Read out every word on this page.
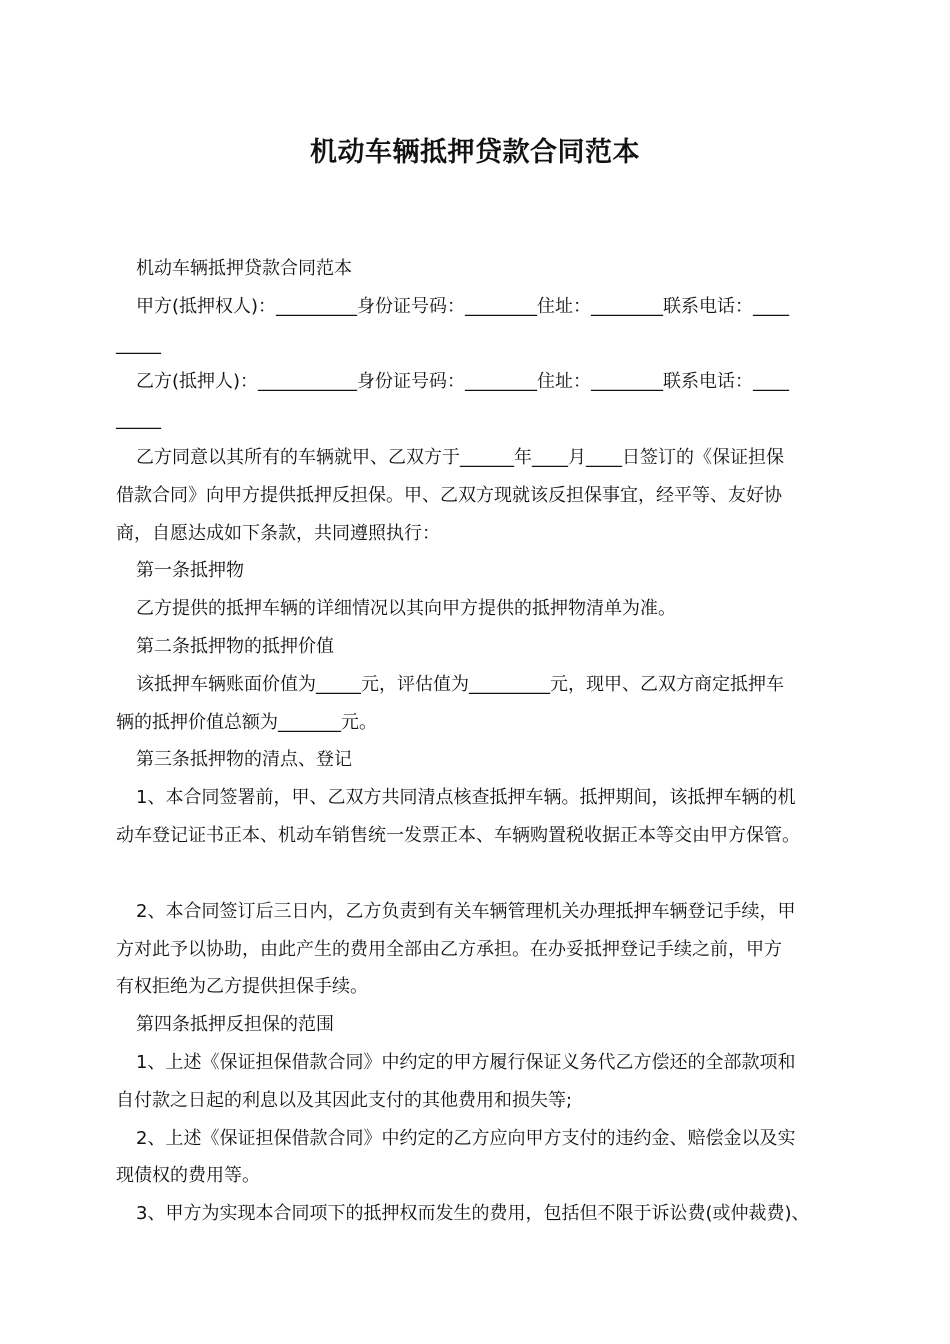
机动车辆抵押贷款合同范本
机动车辆抵押贷款合同范本
甲方(抵押权人)：_________身份证号码：________住址：________联系电话：____
_____
乙方(抵押人)：___________身份证号码：________住址：________联系电话：____
_____
乙方同意以其所有的车辆就甲、乙双方于______年____月____日签订的《保证担保
借款合同》向甲方提供抵押反担保。甲、乙双方现就该反担保事宜，经平等、友好协
商，自愿达成如下条款，共同遵照执行：
第一条抵押物
乙方提供的抵押车辆的详细情况以其向甲方提供的抵押物清单为准。
第二条抵押物的抵押价值
该抵押车辆账面价值为_____元，评估值为_________元，现甲、乙双方商定抵押车
辆的抵押价值总额为_______元。
第三条抵押物的清点、登记
1、本合同签署前，甲、乙双方共同清点核查抵押车辆。抵押期间，该抵押车辆的机
动车登记证书正本、机动车销售统一发票正本、车辆购置税收据正本等交由甲方保管。
2、本合同签订后三日内，乙方负责到有关车辆管理机关办理抵押车辆登记手续，甲
方对此予以协助，由此产生的费用全部由乙方承担。在办妥抵押登记手续之前，甲方
有权拒绝为乙方提供担保手续。
第四条抵押反担保的范围
1、上述《保证担保借款合同》中约定的甲方履行保证义务代乙方偿还的全部款项和
自付款之日起的利息以及其因此支付的其他费用和损失等;
2、上述《保证担保借款合同》中约定的乙方应向甲方支付的违约金、赔偿金以及实
现债权的费用等。
3、甲方为实现本合同项下的抵押权而发生的费用，包括但不限于诉讼费(或仲裁费)、
